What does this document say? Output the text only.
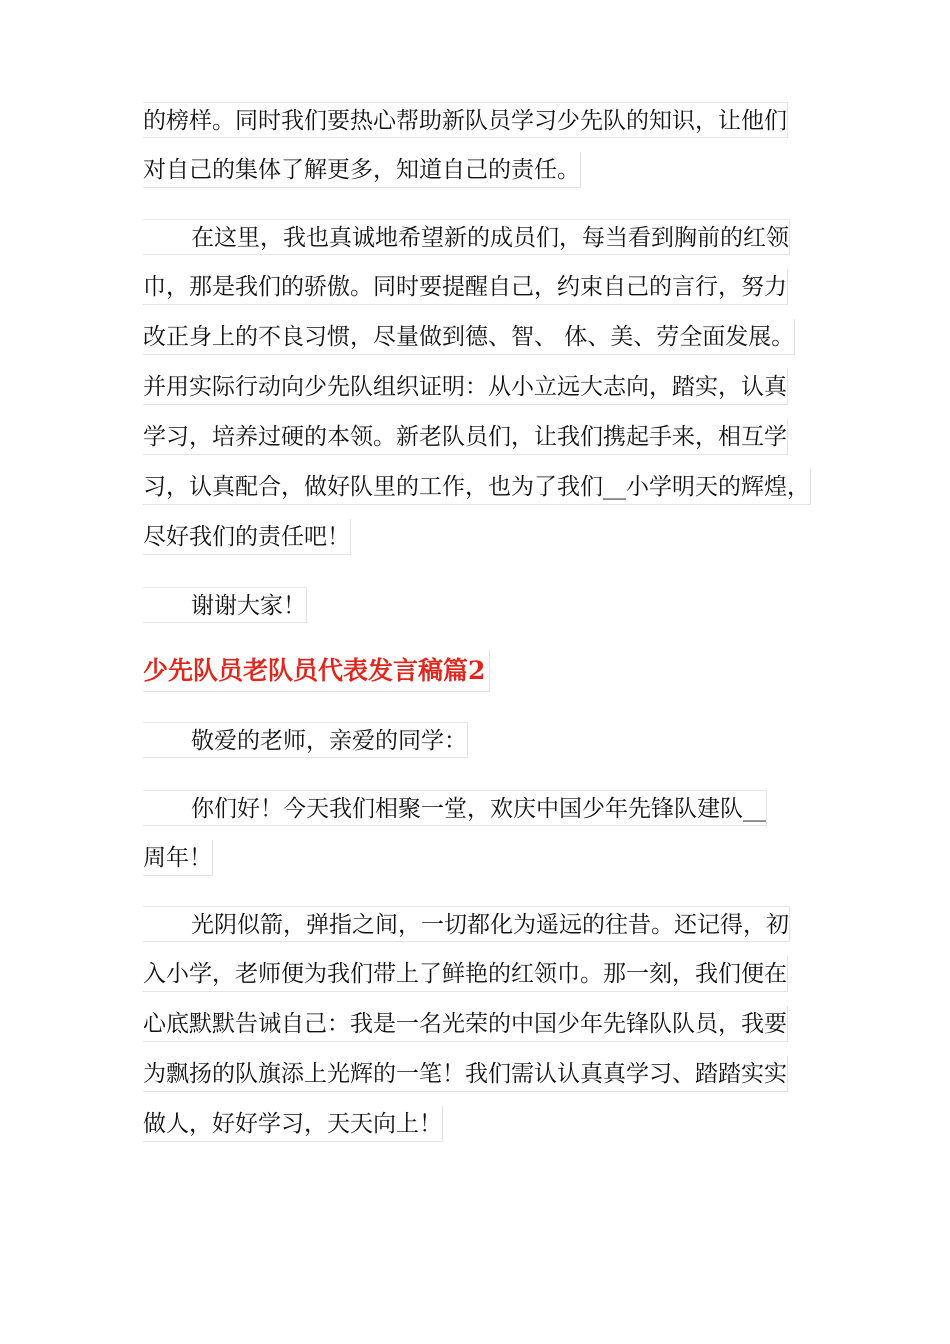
的榜样。同时我们要热心帮助新队员学习少先队的知识，让他们
对自己的集体了解更多，知道自己的责任。
在这里，我也真诚地希望新的成员们，每当看到胸前的红领
巾，那是我们的骄傲。同时要提醒自己，约束自己的言行，努力
改正身上的不良习惯，尽量做到德、智、 体、美、劳全面发展。
并用实际行动向少先队组织证明：从小立远大志向，踏实，认真
学习，培养过硬的本领。新老队员们，让我们携起手来，相互学
习，认真配合，做好队里的工作，也为了我们__小学明天的辉煌，
尽好我们的责任吧！
谢谢大家！
少先队员老队员代表发言稿篇2
敬爱的老师，亲爱的同学：
你们好！今天我们相聚一堂，欢庆中国少年先锋队建队__
周年！
光阴似箭，弹指之间，一切都化为遥远的往昔。还记得，初
入小学，老师便为我们带上了鲜艳的红领巾。那一刻，我们便在
心底默默告诫自己：我是一名光荣的中国少年先锋队队员，我要
为飘扬的队旗添上光辉的一笔！我们需认认真真学习、踏踏实实
做人，好好学习，天天向上！
